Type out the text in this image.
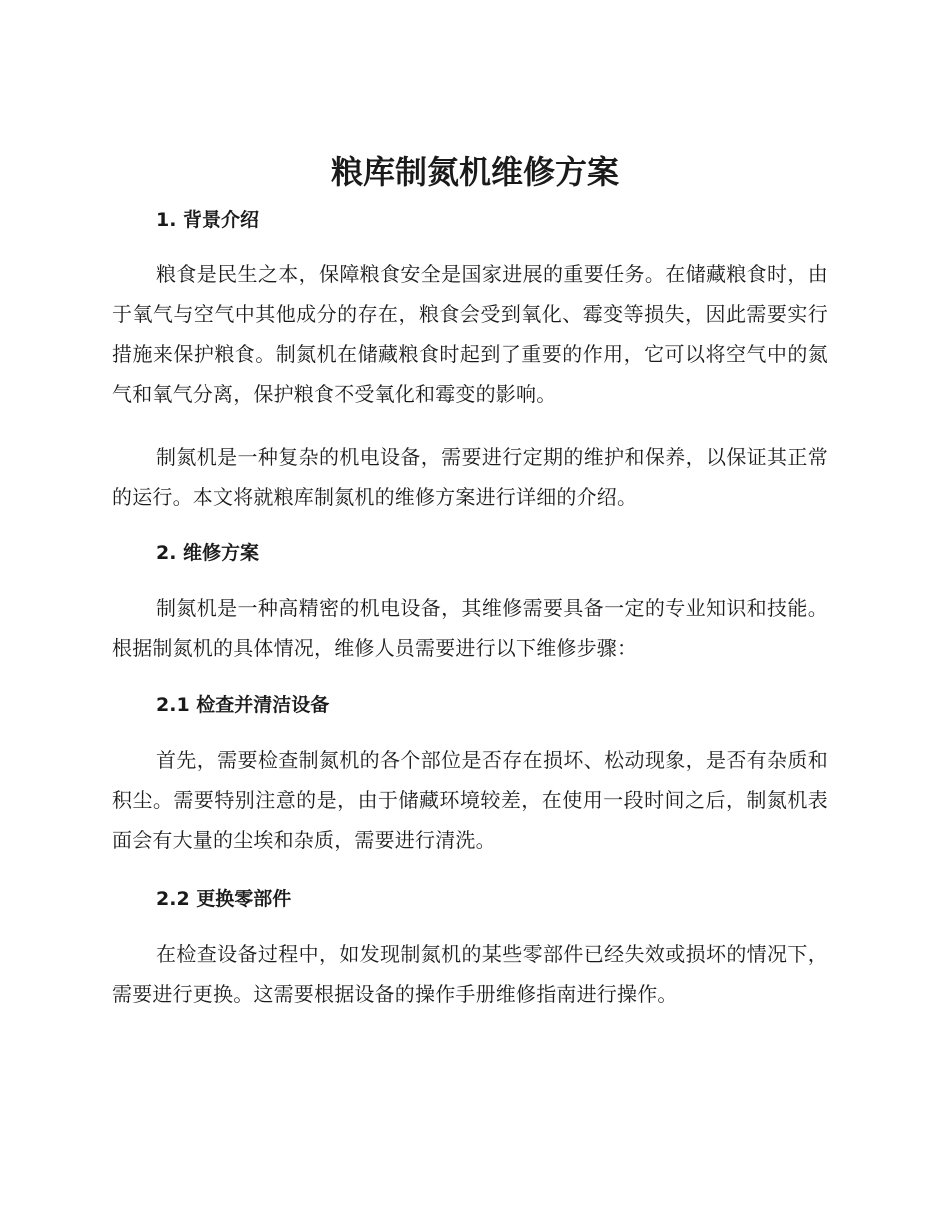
粮库制氮机维修方案
1. 背景介绍

粮食是民生之本，保障粮食安全是国家进展的重要任务。在储藏粮食时，由于氧气与空气中其他成分的存在，粮食会受到氧化、霉变等损失，因此需要实行措施来保护粮食。制氮机在储藏粮食时起到了重要的作用，它可以将空气中的氮气和氧气分离，保护粮食不受氧化和霉变的影响。

制氮机是一种复杂的机电设备，需要进行定期的维护和保养，以保证其正常的运行。本文将就粮库制氮机的维修方案进行详细的介绍。

2. 维修方案

制氮机是一种高精密的机电设备，其维修需要具备一定的专业知识和技能。根据制氮机的具体情况，维修人员需要进行以下维修步骤：

2.1 检查并清洁设备

首先，需要检查制氮机的各个部位是否存在损坏、松动现象，是否有杂质和积尘。需要特别注意的是，由于储藏环境较差，在使用一段时间之后，制氮机表面会有大量的尘埃和杂质，需要进行清洗。

2.2 更换零部件

在检查设备过程中，如发现制氮机的某些零部件已经失效或损坏的情况下，需要进行更换。这需要根据设备的操作手册维修指南进行操作。
